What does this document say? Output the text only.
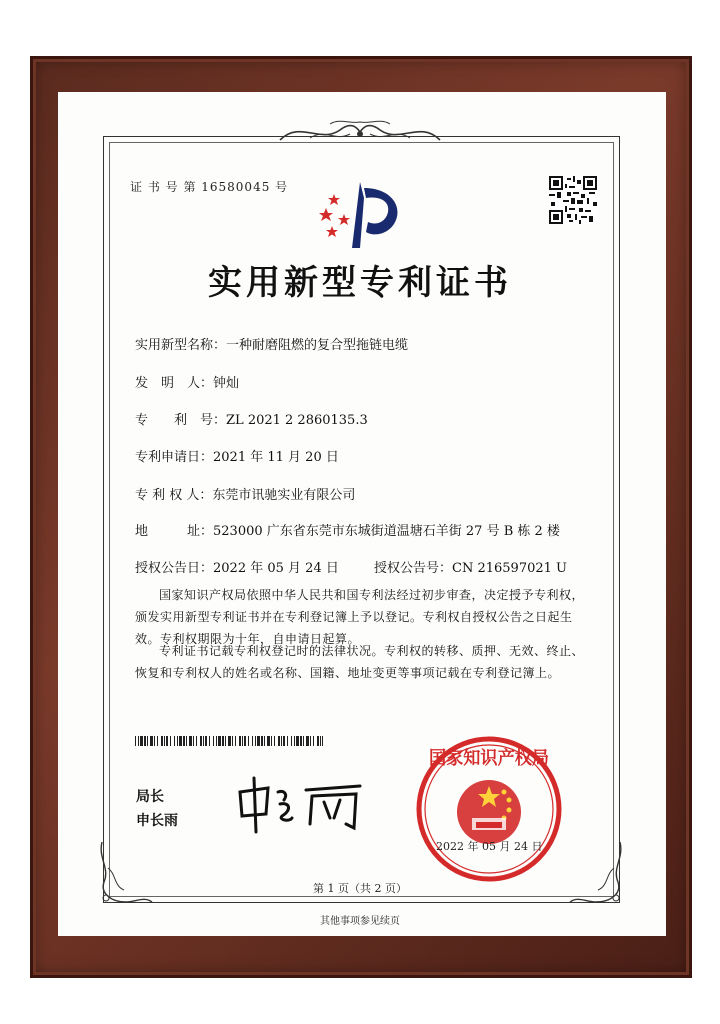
证 书 号 第 16580045 号
实用新型专利证书
实用新型名称：一种耐磨阻燃的复合型拖链电缆
发　明　人：钟灿
专　　利　号：ZL 2021 2 2860135.3
专利申请日：2021 年 11 月 20 日
专 利 权 人：东莞市讯驰实业有限公司
地　　　址：523000 广东省东莞市东城街道温塘石羊街 27 号 B 栋 2 楼
授权公告日：2022 年 05 月 24 日	授权公告号：CN 216597021 U
国家知识产权局依照中华人民共和国专利法经过初步审查，决定授予专利权，颁发实用新型专利证书并在专利登记簿上予以登记。专利权自授权公告之日起生效。专利权期限为十年，自申请日起算。
专利证书记载专利权登记时的法律状况。专利权的转移、质押、无效、终止、恢复和专利权人的姓名或名称、国籍、地址变更等事项记载在专利登记簿上。
局长
申长雨
国家知识产权局
2022 年 05 月 24 日
第 1 页（共 2 页）
其他事项参见续页
